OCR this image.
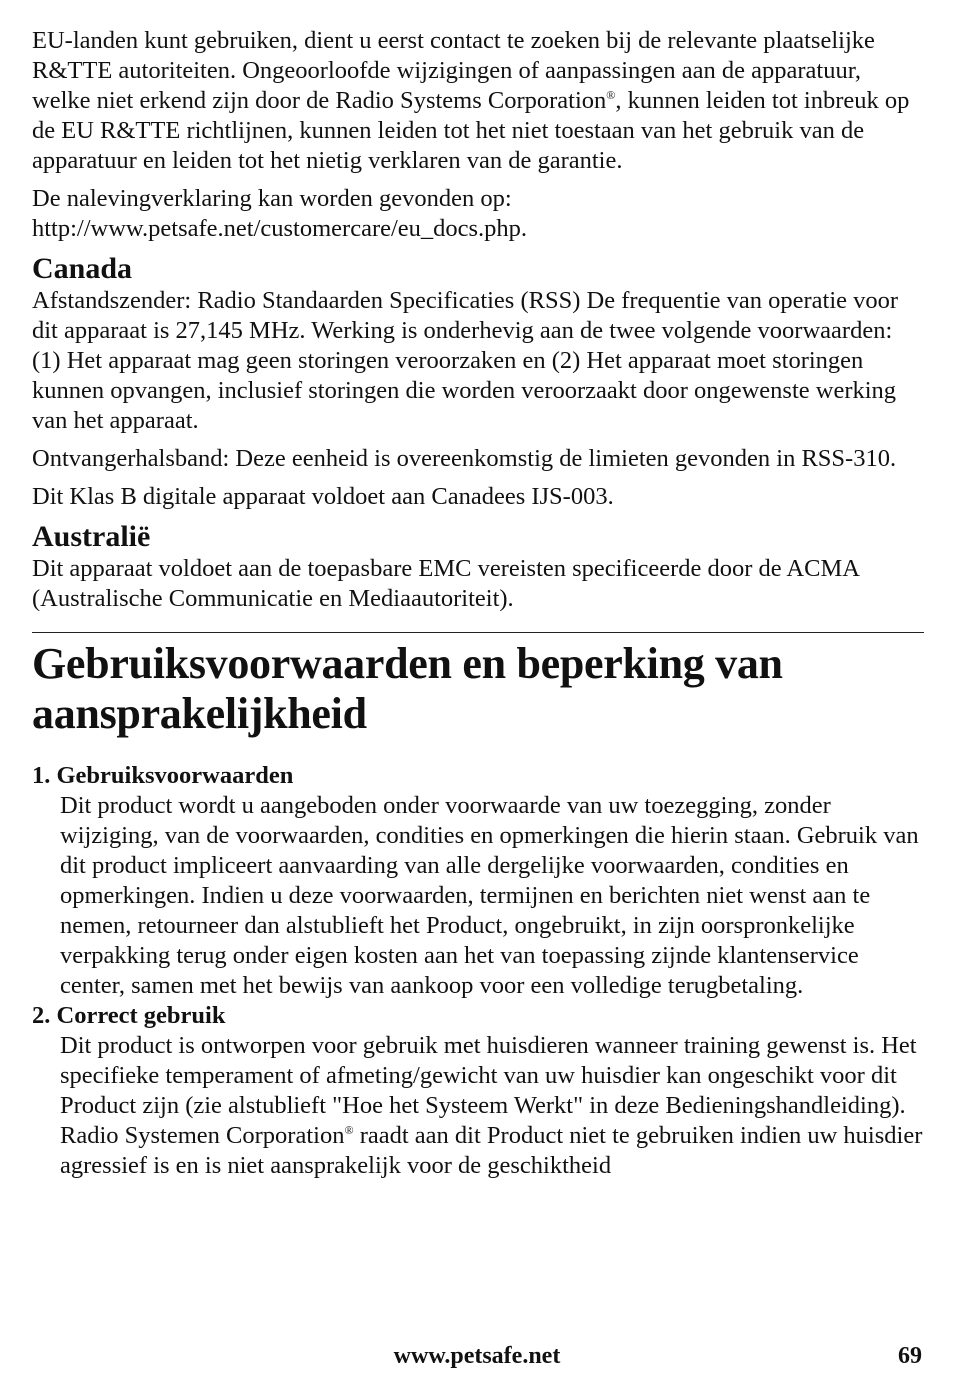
EU-landen kunt gebruiken, dient u eerst contact te zoeken bij de relevante plaatselijke R&TTE autoriteiten. Ongeoorloofde wijzigingen of aanpassingen aan de apparatuur, welke niet erkend zijn door de Radio Systems Corporation®, kunnen leiden tot inbreuk op de EU R&TTE richtlijnen, kunnen leiden tot het niet toestaan van het gebruik van de apparatuur en leiden tot het nietig verklaren van de garantie.

De nalevingverklaring kan worden gevonden op:
http://www.petsafe.net/customercare/eu_docs.php.

Canada

Afstandszender: Radio Standaarden Specificaties (RSS) De frequentie van operatie voor dit apparaat is 27,145 MHz. Werking is onderhevig aan de twee volgende voorwaarden: (1) Het apparaat mag geen storingen veroorzaken en (2) Het apparaat moet storingen kunnen opvangen, inclusief storingen die worden veroorzaakt door ongewenste werking van het apparaat.

Ontvangerhalsband: Deze eenheid is overeenkomstig de limieten gevonden in RSS-310.

Dit Klas B digitale apparaat voldoet aan Canadees IJS-003.

Australië

Dit apparaat voldoet aan de toepasbare EMC vereisten specificeerde door de ACMA (Australische Communicatie en Mediaautoriteit).

Gebruiksvoorwaarden en beperking van
aansprakelijkheid
1. Gebruiksvoorwaarden
Dit product wordt u aangeboden onder voorwaarde van uw toezegging, zonder wijziging, van de voorwaarden, condities en opmerkingen die hierin staan. Gebruik van dit product impliceert aanvaarding van alle dergelijke voorwaarden, condities en opmerkingen. Indien u deze voorwaarden, termijnen en berichten niet wenst aan te nemen, retourneer dan alstublieft het Product, ongebruikt, in zijn oorspronkelijke verpakking terug onder eigen kosten aan het van toepassing zijnde klantenservice center, samen met het bewijs van aankoop voor een volledige terugbetaling.
2. Correct gebruik
Dit product is ontworpen voor gebruik met huisdieren wanneer training gewenst is. Het specifieke temperament of afmeting/gewicht van uw huisdier kan ongeschikt voor dit Product zijn (zie alstublieft "Hoe het Systeem Werkt" in deze Bedieningshandleiding). Radio Systemen Corporation® raadt aan dit Product niet te gebruiken indien uw huisdier agressief is en is niet aansprakelijk voor de geschiktheid
www.petsafe.net	69
